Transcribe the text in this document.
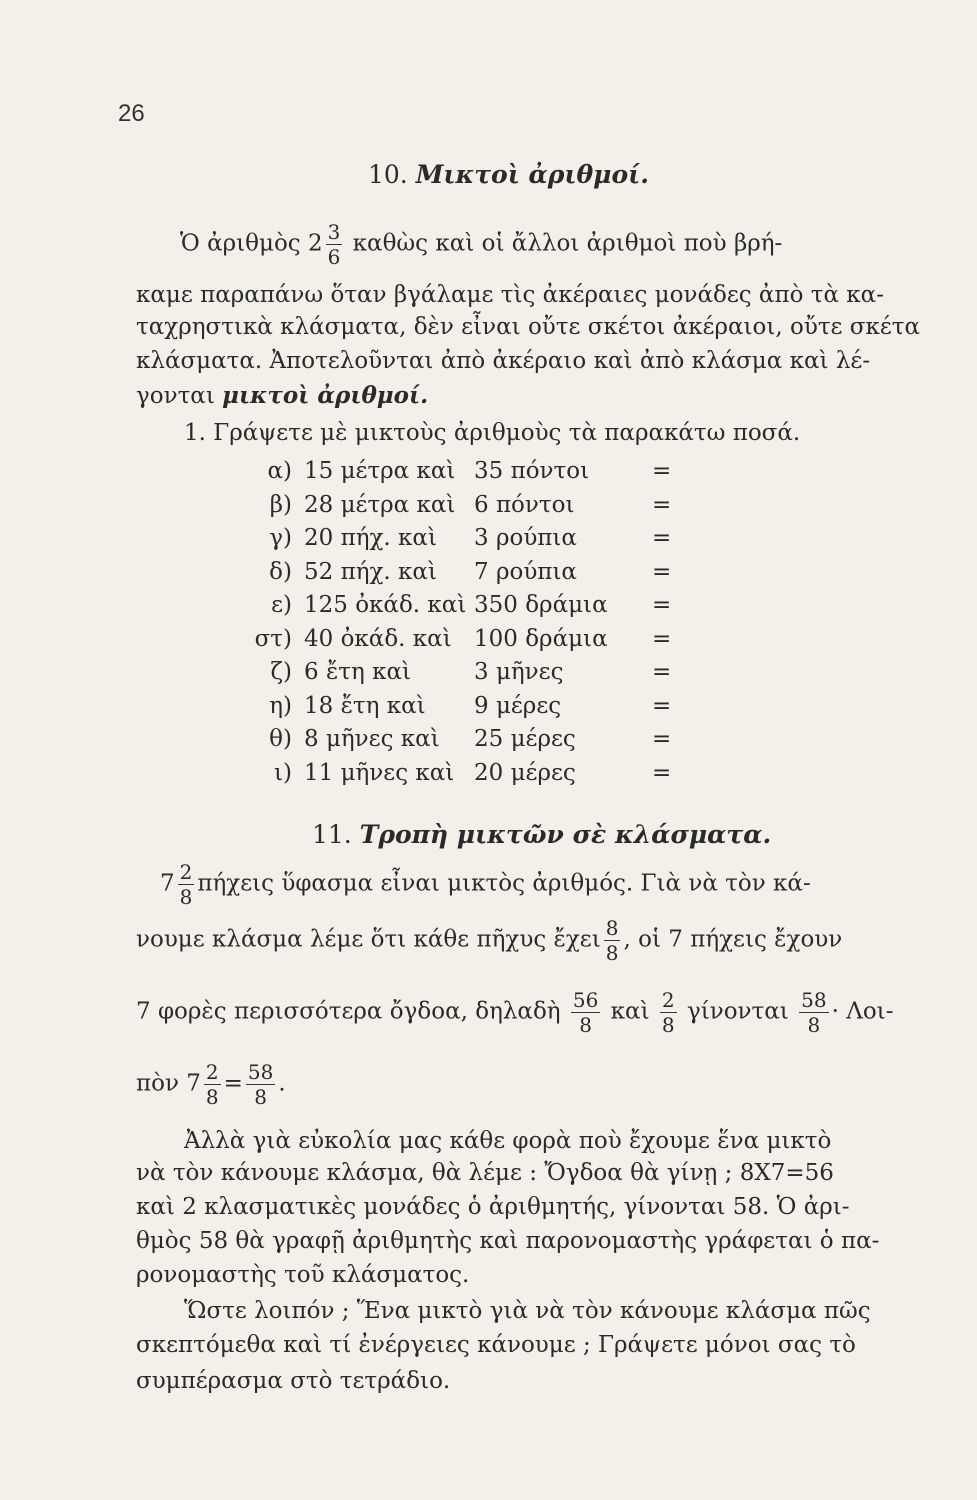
26
10. Μικτοὶ ἀριθμοί.
Ὁ ἀριθμὸς $2 \frac{3}{6}$ καθὼς καὶ οἱ ἄλλοι ἀριθμοὶ ποὺ βρή-
καμε παραπάνω ὅταν βγάλαμε τὶς ἀκέραιες μονάδες ἀπὸ τὰ κα-
ταχρηστικὰ κλάσματα, δὲν εἶναι οὔτε σκέτοι ἀκέραιοι, οὔτε σκέτα
κλάσματα. Ἀποτελοῦνται ἀπὸ ἀκέραιο καὶ ἀπὸ κλάσμα καὶ λέ-
γονται μικτοὶ ἀριθμοί.
1. Γράψετε μὲ μικτοὺς ἀριθμοὺς τὰ παρακάτω ποσά.
α) 15 μέτρα καὶ 35 πόντοι	=
β) 28 μέτρα καὶ 6 πόντοι	=
γ) 20 πήχ. καὶ 3 ρούπια	=
δ) 52 πήχ. καὶ 7 ρούπια	=
ε) 125 ὀκάδ. καὶ 350 δράμια =
στ) 40 ὀκάδ. καὶ 100 δράμια =
ζ) 6 ἔτη καὶ	3 μῆνες	=
η) 18 ἔτη καὶ 9 μέρες	=
θ) 8 μῆνες καὶ 25 μέρες	=
ι) 11 μῆνες καὶ 20 μέρες	=
11. Τροπὴ μικτῶν σὲ κλάσματα.
$7 \frac{2}{8}$ πήχεις ὕφασμα εἶναι μικτὸς ἀριθμός. Γιὰ νὰ τὸν κά-
νουμε κλάσμα λέμε ὅτι κάθε πῆχυς ἔχει $\frac{8}{8}$ , οἱ 7 πήχεις ἔχουν
7 φορὲς περισσότερα ὄγδοα, δηλαδὴ $\frac{56}{8}$ καὶ $\frac{2}{8}$ γίνονται $\frac{58}{8} \cdot \Lambda o\iota-$
πὸν $7 \frac{2}{8} = \frac{58}{8}$ .
Ἀλλὰ γιὰ εὐκολία μας κάθε φορὰ ποὺ ἔχουμε ἕνα μικτὸ
νὰ τὸν κάνουμε κλάσμα, θὰ λέμε : Ὄγδοα θὰ γίνῃ ; 8Χ7=56
καὶ 2 κλασματικὲς μονάδες ὁ ἀριθμητής, γίνονται 58. Ὁ ἀρι-
θμὸς 58 θὰ γραφῇ ἀριθμητὴς καὶ παρονομαστὴς γράφεται ὁ πα-
ρονομαστὴς τοῦ κλάσματος.
Ὥστε λοιπόν ; Ἕνα μικτὸ γιὰ νὰ τὸν κάνουμε κλάσμα πῶς
σκεπτόμεθα καὶ τί ἐνέργειες κάνουμε ; Γράψετε μόνοι σας τὸ
συμπέρασμα στὸ τετράδιο.
